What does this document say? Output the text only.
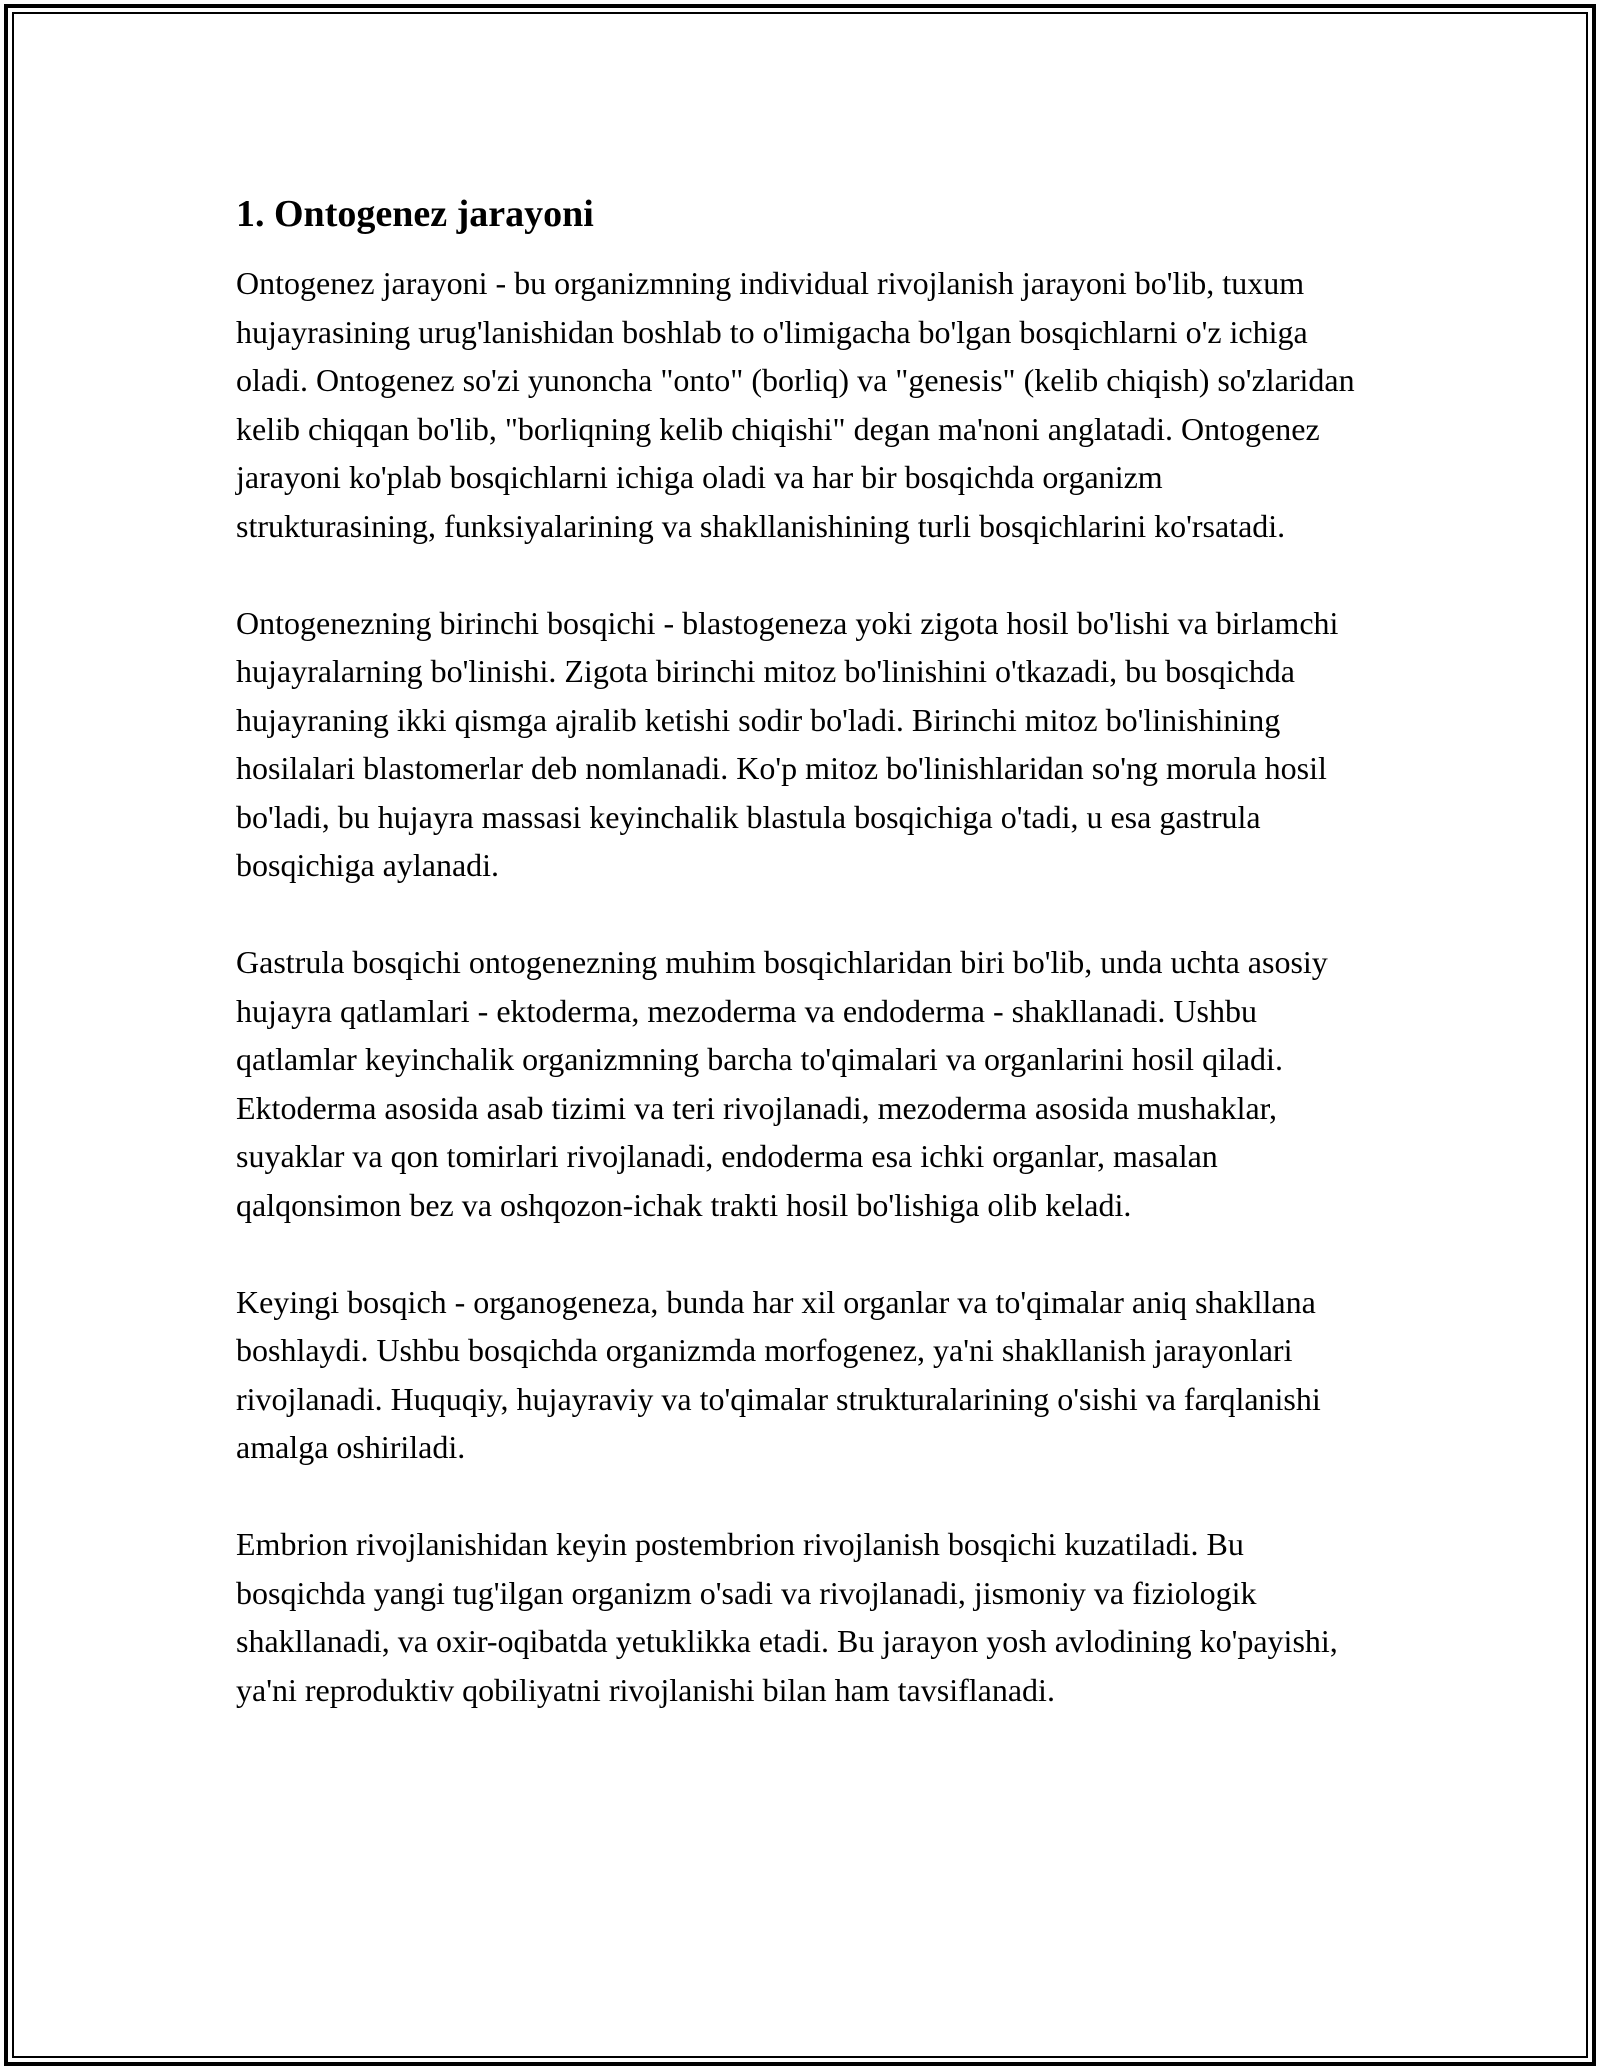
1. Ontogenez jarayoni

Ontogenez jarayoni - bu organizmning individual rivojlanish jarayoni bo'lib, tuxum hujayrasining urug'lanishidan boshlab to o'limigacha bo'lgan bosqichlarni o'z ichiga oladi. Ontogenez so'zi yunoncha "onto" (borliq) va "genesis" (kelib chiqish) so'zlaridan kelib chiqqan bo'lib, "borliqning kelib chiqishi" degan ma'noni anglatadi. Ontogenez jarayoni ko'plab bosqichlarni ichiga oladi va har bir bosqichda organizm strukturasining, funksiyalarining va shakllanishining turli bosqichlarini ko'rsatadi.

Ontogenezning birinchi bosqichi - blastogeneza yoki zigota hosil bo'lishi va birlamchi hujayralarning bo'linishi. Zigota birinchi mitoz bo'linishini o'tkazadi, bu bosqichda hujayraning ikki qismga ajralib ketishi sodir bo'ladi. Birinchi mitoz bo'linishining hosilalari blastomerlar deb nomlanadi. Ko'p mitoz bo'linishlaridan so'ng morula hosil bo'ladi, bu hujayra massasi keyinchalik blastula bosqichiga o'tadi, u esa gastrula bosqichiga aylanadi.

Gastrula bosqichi ontogenezning muhim bosqichlaridan biri bo'lib, unda uchta asosiy hujayra qatlamlari - ektoderma, mezoderma va endoderma - shakllanadi. Ushbu qatlamlar keyinchalik organizmning barcha to'qimalari va organlarini hosil qiladi. Ektoderma asosida asab tizimi va teri rivojlanadi, mezoderma asosida mushaklar, suyaklar va qon tomirlari rivojlanadi, endoderma esa ichki organlar, masalan qalqonsimon bez va oshqozon-ichak trakti hosil bo'lishiga olib keladi.

Keyingi bosqich - organogeneza, bunda har xil organlar va to'qimalar aniq shakllana boshlaydi. Ushbu bosqichda organizmda morfogenez, ya'ni shakllanish jarayonlari rivojlanadi. Huquqiy, hujayraviy va to'qimalar strukturalarining o'sishi va farqlanishi amalga oshiriladi.

Embrion rivojlanishidan keyin postembrion rivojlanish bosqichi kuzatiladi. Bu bosqichda yangi tug'ilgan organizm o'sadi va rivojlanadi, jismoniy va fiziologik shakllanadi, va oxir-oqibatda yetuklikka etadi. Bu jarayon yosh avlodining ko'payishi, ya'ni reproduktiv qobiliyatni rivojlanishi bilan ham tavsiflanadi.
